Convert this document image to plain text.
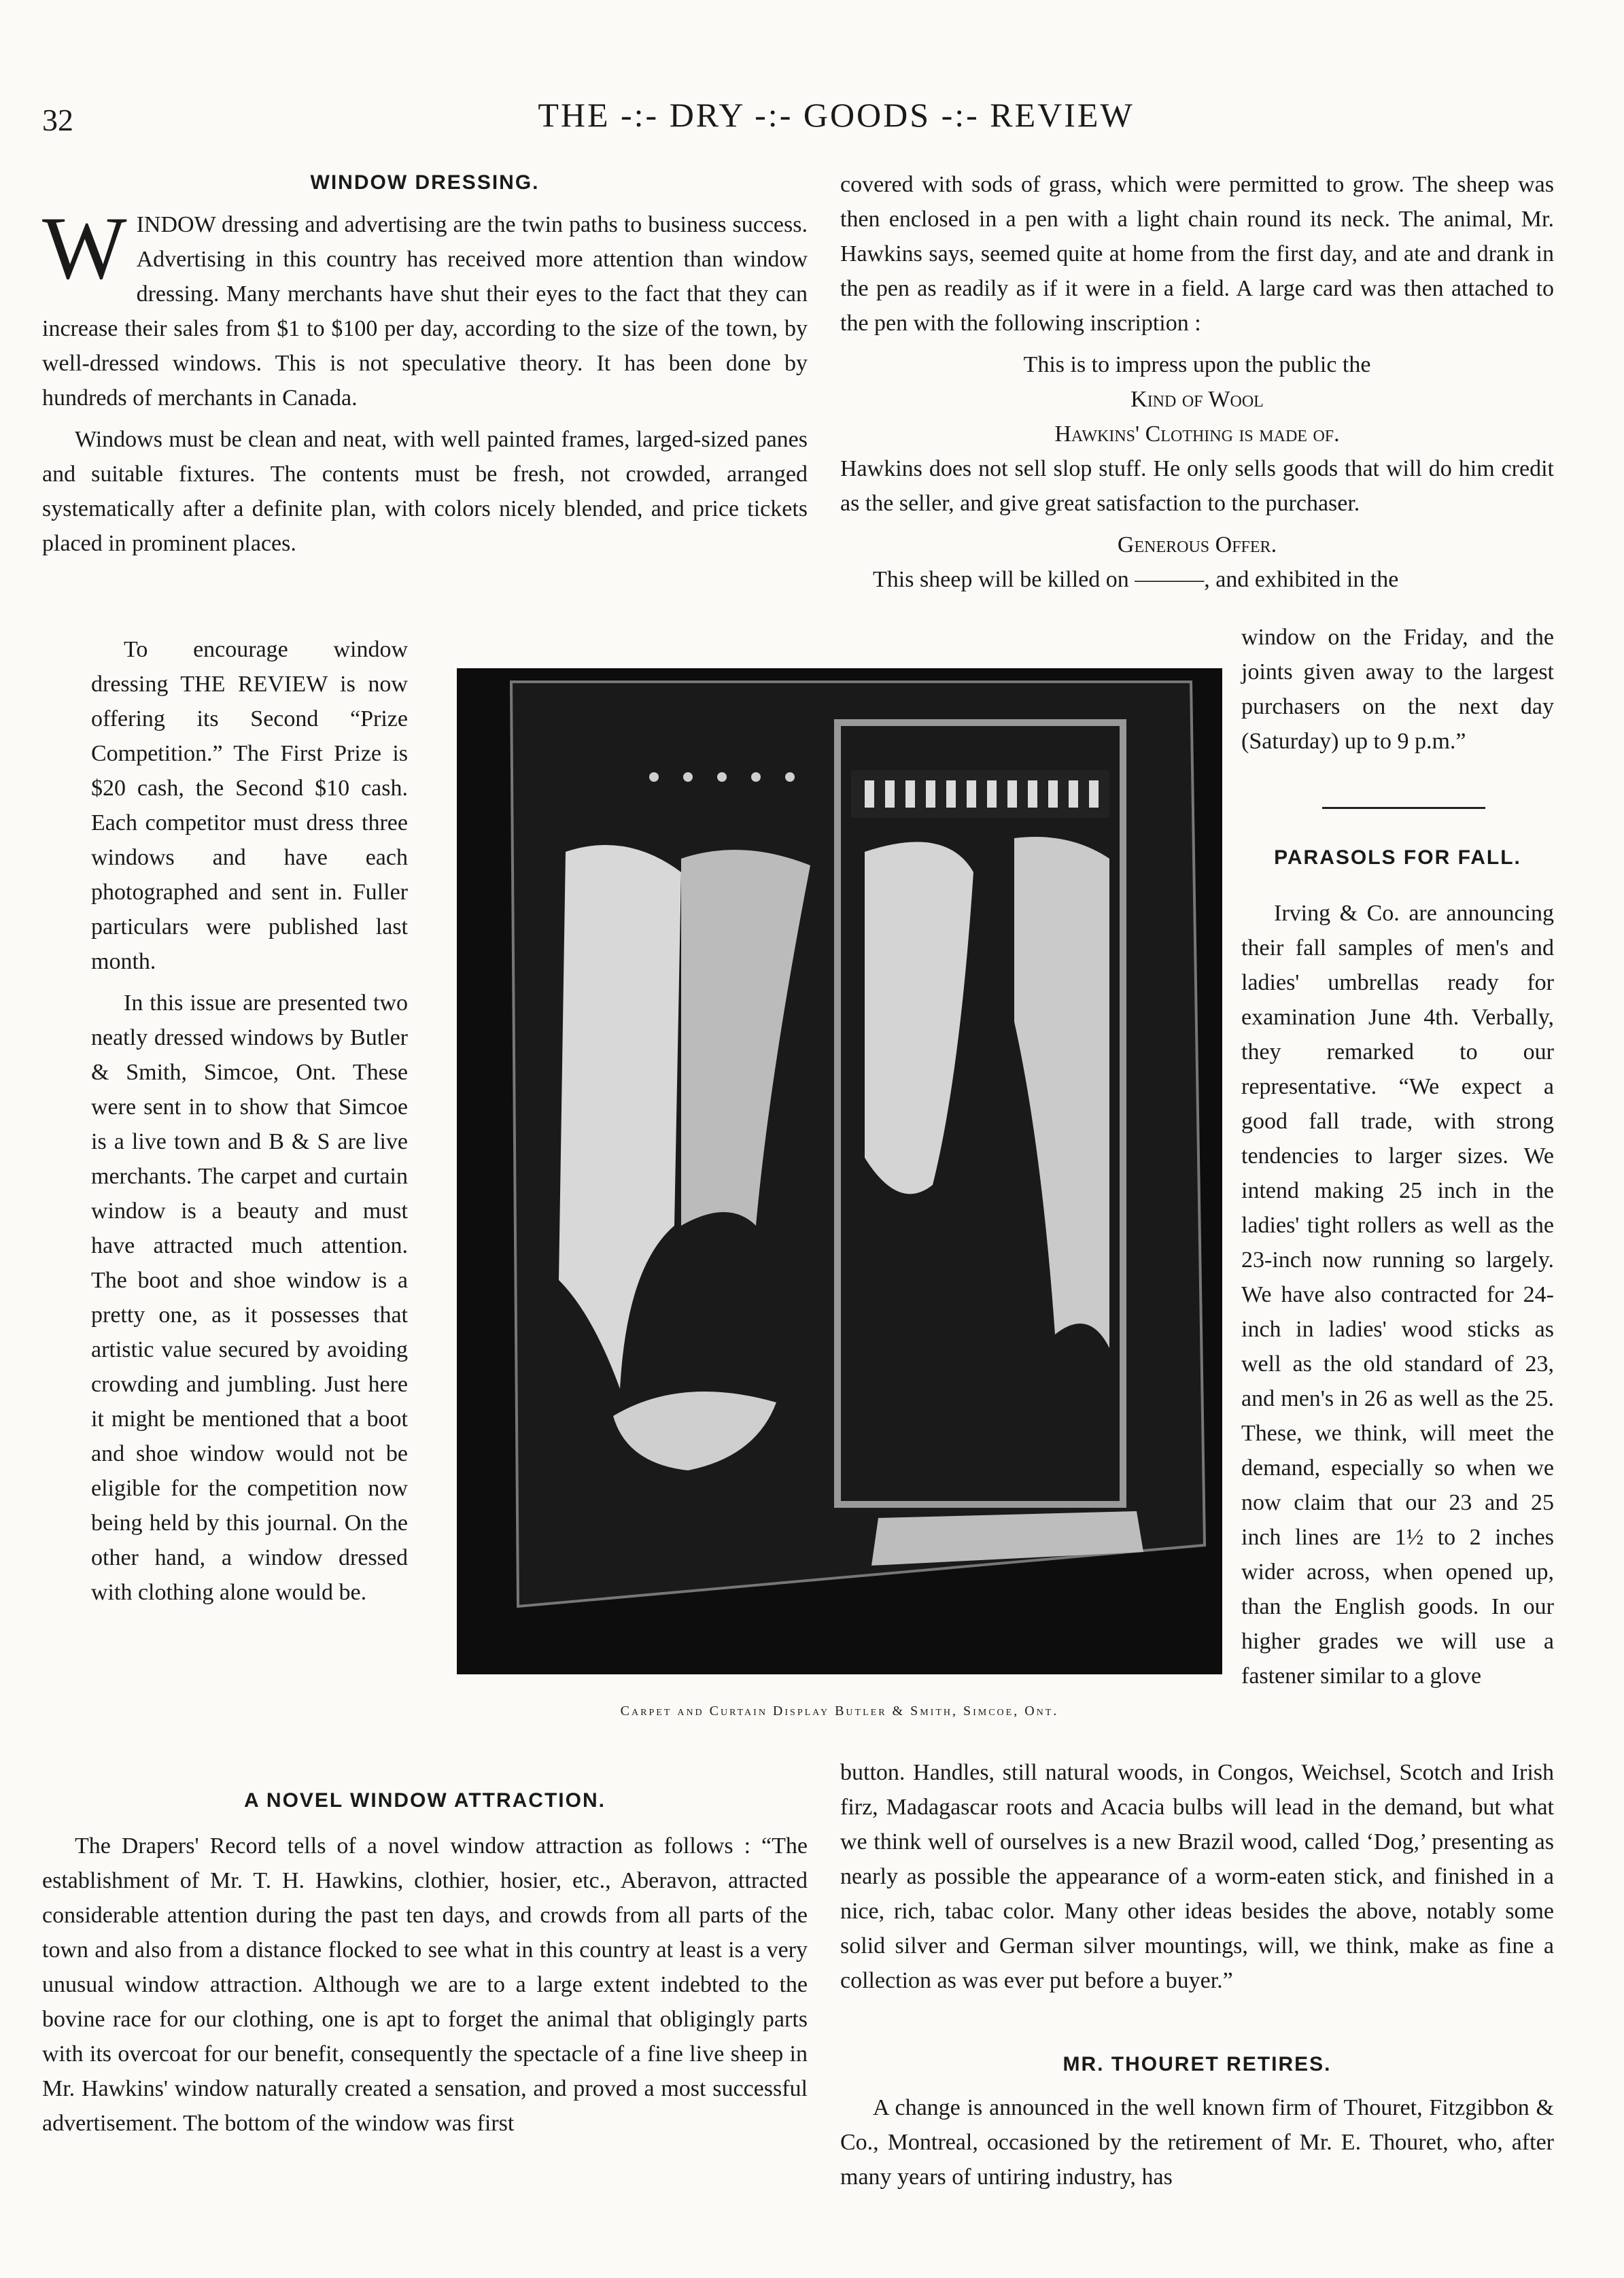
32	THE -:- DRY -:- GOODS -:- REVIEW
WINDOW DRESSING.

WINDOW dressing and advertising are the twin paths to business success. Advertising in this country has received more attention than window dressing. Many merchants have shut their eyes to the fact that they can increase their sales from $1 to $100 per day, according to the size of the town, by well-dressed windows. This is not speculative theory. It has been done by hundreds of merchants in Canada.

Windows must be clean and neat, with well painted frames, larged-sized panes and suitable fixtures. The contents must be fresh, not crowded, arranged systematically after a definite plan, with colors nicely blended, and price tickets placed in prominent places.

To encourage window dressing THE REVIEW is now offering its Second “Prize Competition.” The First Prize is $20 cash, the Second $10 cash. Each competitor must dress three windows and have each photographed and sent in. Fuller particulars were published last month.

In this issue are presented two neatly dressed windows by Butler & Smith, Simcoe, Ont. These were sent in to show that Simcoe is a live town and B & S are live merchants. The carpet and curtain window is a beauty and must have attracted much attention. The boot and shoe window is a pretty one, as it possesses that artistic value secured by avoiding crowding and jumbling. Just here it might be mentioned that a boot and shoe window would not be eligible for the competition now being held by this journal. On the other hand, a window dressed with clothing alone would be.

Carpet and Curtain Display Butler & Smith, Simcoe, Ont.

covered with sods of grass, which were permitted to grow. The sheep was then enclosed in a pen with a light chain round its neck. The animal, Mr. Hawkins says, seemed quite at home from the first day, and ate and drank in the pen as readily as if it were in a field. A large card was then attached to the pen with the following inscription :

This is to impress upon the public the

Kind of Wool

Hawkins' Clothing is made of.

Hawkins does not sell slop stuff. He only sells goods that will do him credit as the seller, and give great satisfaction to the purchaser.

Generous Offer.

This sheep will be killed on ———, and exhibited in the

window on the Friday, and the joints given away to the largest purchasers on the next day (Saturday) up to 9 p.m.”

PARASOLS FOR FALL.

Irving & Co. are announcing their fall samples of men's and ladies' umbrellas ready for examination June 4th. Verbally, they remarked to our representative. “We expect a good fall trade, with strong tendencies to larger sizes. We intend making 25 inch in the ladies' tight rollers as well as the 23-inch now running so largely. We have also contracted for 24-inch in ladies' wood sticks as well as the old standard of 23, and men's in 26 as well as the 25. These, we think, will meet the demand, especially so when we now claim that our 23 and 25 inch lines are 1½ to 2 inches wider across, when opened up, than the English goods. In our higher grades we will use a fastener similar to a glove

button. Handles, still natural woods, in Congos, Weichsel, Scotch and Irish firz, Madagascar roots and Acacia bulbs will lead in the demand, but what we think well of ourselves is a new Brazil wood, called ‘Dog,’ presenting as nearly as possible the appearance of a worm-eaten stick, and finished in a nice, rich, tabac color. Many other ideas besides the above, notably some solid silver and German silver mountings, will, we think, make as fine a collection as was ever put before a buyer.”

MR. THOURET RETIRES.

A change is announced in the well known firm of Thouret, Fitzgibbon & Co., Montreal, occasioned by the retirement of Mr. E. Thouret, who, after many years of untiring industry, has

A NOVEL WINDOW ATTRACTION.

The Drapers' Record tells of a novel window attraction as follows : “The establishment of Mr. T. H. Hawkins, clothier, hosier, etc., Aberavon, attracted considerable attention during the past ten days, and crowds from all parts of the town and also from a distance flocked to see what in this country at least is a very unusual window attraction. Although we are to a large extent indebted to the bovine race for our clothing, one is apt to forget the animal that obligingly parts with its overcoat for our benefit, consequently the spectacle of a fine live sheep in Mr. Hawkins' window naturally created a sensation, and proved a most successful advertisement. The bottom of the window was first
